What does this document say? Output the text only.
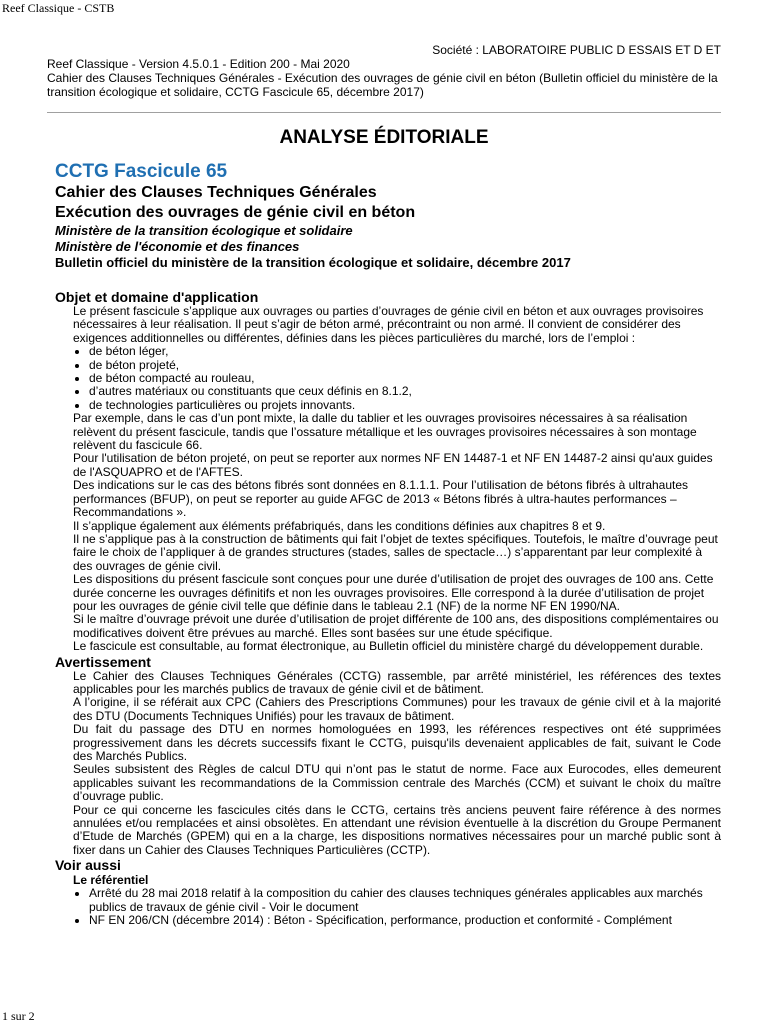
Reef Classique - CSTB
Société : LABORATOIRE PUBLIC D ESSAIS ET D ET
Reef Classique - Version 4.5.0.1 - Edition 200 - Mai 2020
Cahier des Clauses Techniques Générales - Exécution des ouvrages de génie civil en béton (Bulletin officiel du ministère de la transition écologique et solidaire, CCTG Fascicule 65, décembre 2017)
ANALYSE ÉDITORIALE
CCTG Fascicule 65
Cahier des Clauses Techniques Générales
Exécution des ouvrages de génie civil en béton
Ministère de la transition écologique et solidaire
Ministère de l'économie et des finances
Bulletin officiel du ministère de la transition écologique et solidaire, décembre 2017
Objet et domaine d'application

Le présent fascicule s’applique aux ouvrages ou parties d’ouvrages de génie civil en béton et aux ouvrages provisoires nécessaires à leur réalisation. Il peut s’agir de béton armé, précontraint ou non armé. Il convient de considérer des exigences additionnelles ou différentes, définies dans les pièces particulières du marché, lors de l’emploi :

• de béton léger,
• de béton projeté,
• de béton compacté au rouleau,
• d’autres matériaux ou constituants que ceux définis en 8.1.2,
• de technologies particulières ou projets innovants.

Par exemple, dans le cas d’un pont mixte, la dalle du tablier et les ouvrages provisoires nécessaires à sa réalisation relèvent du présent fascicule, tandis que l’ossature métallique et les ouvrages provisoires nécessaires à son montage relèvent du fascicule 66.

Pour l'utilisation de béton projeté, on peut se reporter aux normes NF EN 14487-1 et NF EN 14487-2 ainsi qu'aux guides de l'ASQUAPRO et de l'AFTES.

Des indications sur le cas des bétons fibrés sont données en 8.1.1.1. Pour l’utilisation de bétons fibrés à ultrahautes performances (BFUP), on peut se reporter au guide AFGC de 2013 « Bétons fibrés à ultra-hautes performances – Recommandations ».

Il s’applique également aux éléments préfabriqués, dans les conditions définies aux chapitres 8 et 9.

Il ne s’applique pas à la construction de bâtiments qui fait l’objet de textes spécifiques. Toutefois, le maître d’ouvrage peut faire le choix de l’appliquer à de grandes structures (stades, salles de spectacle…) s’apparentant par leur complexité à des ouvrages de génie civil.

Les dispositions du présent fascicule sont conçues pour une durée d’utilisation de projet des ouvrages de 100 ans. Cette durée concerne les ouvrages définitifs et non les ouvrages provisoires. Elle correspond à la durée d’utilisation de projet pour les ouvrages de génie civil telle que définie dans le tableau 2.1 (NF) de la norme NF EN 1990/NA.

Si le maître d’ouvrage prévoit une durée d’utilisation de projet différente de 100 ans, des dispositions complémentaires ou modificatives doivent être prévues au marché. Elles sont basées sur une étude spécifique.

Le fascicule est consultable, au format électronique, au Bulletin officiel du ministère chargé du développement durable.

Avertissement

Le Cahier des Clauses Techniques Générales (CCTG) rassemble, par arrêté ministériel, les références des textes applicables pour les marchés publics de travaux de génie civil et de bâtiment.

A l’origine, il se référait aux CPC (Cahiers des Prescriptions Communes) pour les travaux de génie civil et à la majorité des DTU (Documents Techniques Unifiés) pour les travaux de bâtiment.

Du fait du passage des DTU en normes homologuées en 1993, les références respectives ont été supprimées progressivement dans les décrets successifs fixant le CCTG, puisqu'ils devenaient applicables de fait, suivant le Code des Marchés Publics.

Seules subsistent des Règles de calcul DTU qui n’ont pas le statut de norme. Face aux Eurocodes, elles demeurent applicables suivant les recommandations de la Commission centrale des Marchés (CCM) et suivant le choix du maître d’ouvrage public.

Pour ce qui concerne les fascicules cités dans le CCTG, certains très anciens peuvent faire référence à des normes annulées et/ou remplacées et ainsi obsolètes. En attendant une révision éventuelle à la discrétion du Groupe Permanent d’Etude de Marchés (GPEM) qui en a la charge, les dispositions normatives nécessaires pour un marché public sont à fixer dans un Cahier des Clauses Techniques Particulières (CCTP).

Voir aussi
Le référentiel
• Arrêté du 28 mai 2018 relatif à la composition du cahier des clauses techniques générales applicables aux marchés publics de travaux de génie civil - Voir le document
• NF EN 206/CN (décembre 2014) : Béton - Spécification, performance, production et conformité - Complément
1 sur 2
